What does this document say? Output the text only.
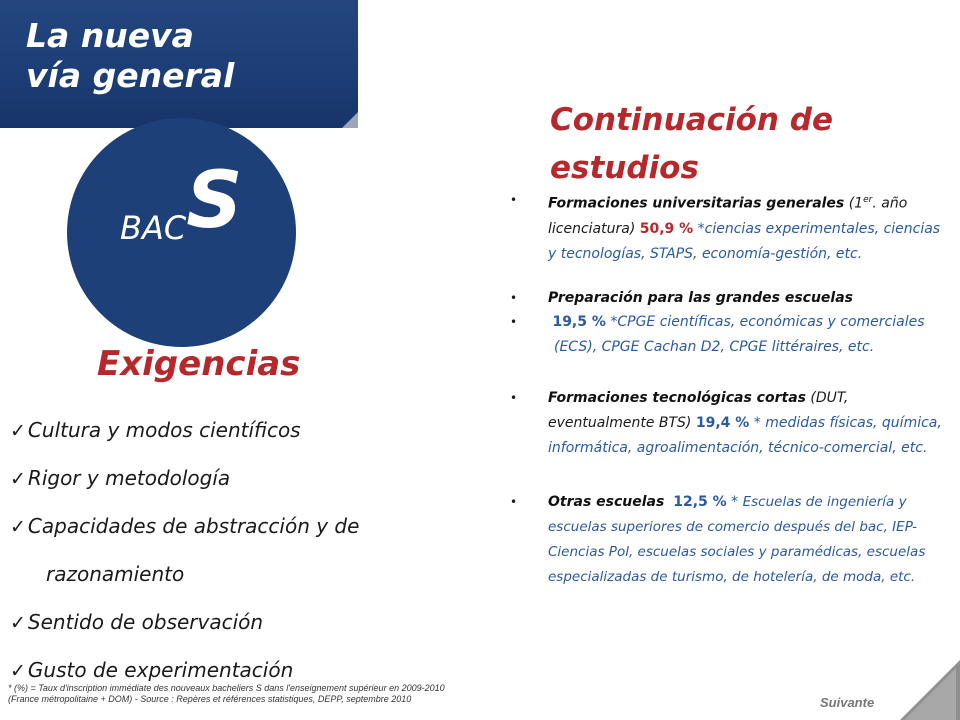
La nueva
vía general
BACS
Exigencias
✓ Cultura y modos científicos
✓ Rigor y metodología
✓ Capacidades de abstracción y de
razonamiento
✓ Sentido de observación
✓ Gusto de experimentación
Continuación de estudios
• Formaciones universitarias generales (1er. año licenciatura) 50,9 % *ciencias experimentales, ciencias y tecnologías, STAPS, economía-gestión, etc.
• Preparación para las grandes escuelas
•	19,5 % *CPGE científicas, económicas y comerciales
(ECS), CPGE Cachan D2, CPGE littéraires, etc.
• Formaciones tecnológicas cortas (DUT, eventualmente BTS) 19,4 % * medidas físicas, química, informática, agroalimentación, técnico-comercial, etc.
• Otras escuelas 12,5 % * Escuelas de ingeniería y escuelas superiores de comercio después del bac, IEP-Ciencias Pol, escuelas sociales y paramédicas, escuelas especializadas de turismo, de hotelería, de moda, etc.
* (%) = Taux d'inscription immédiate des nouveaux bacheliers S dans l'enseignement supérieur en 2009-2010
(France métropolitaine + DOM) - Source : Repères et références statistiques, DEPP, septembre 2010	Suivante
